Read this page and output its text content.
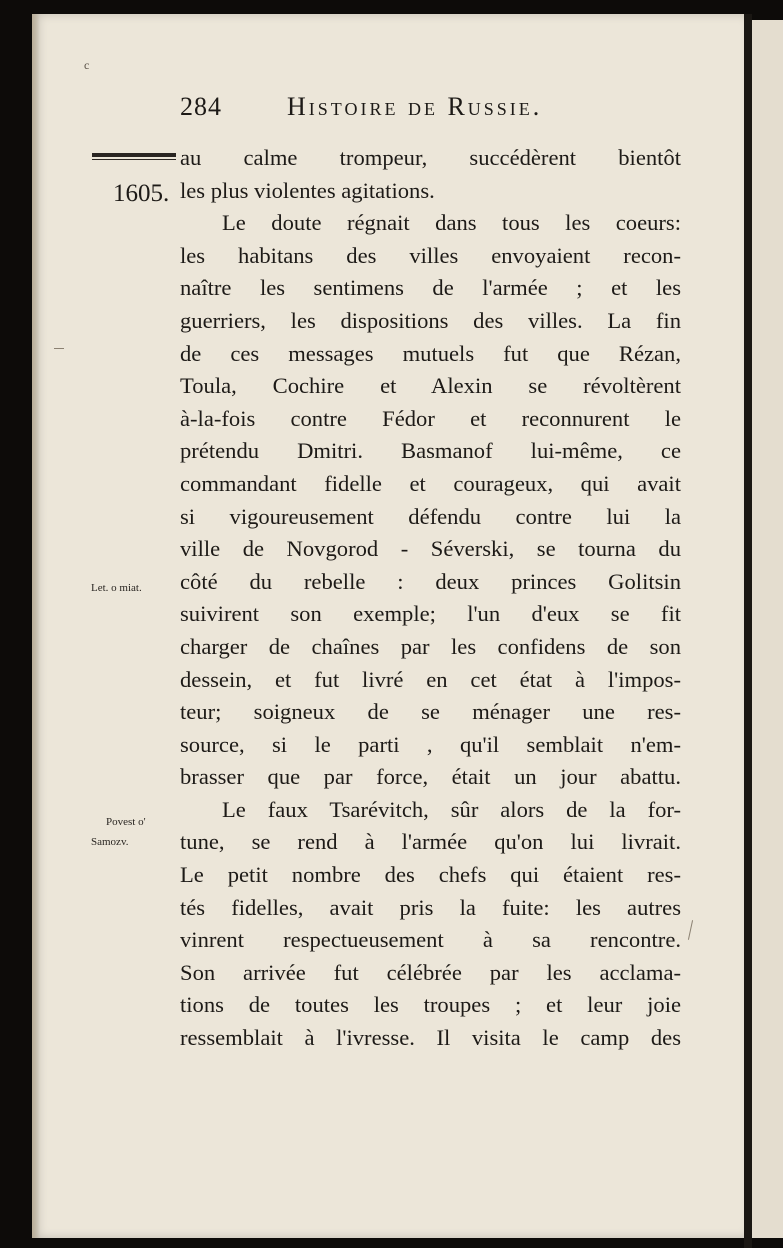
c
284	Histoire de Russie.
1605.
Let. o miat.
Povest o'
Samozv.
au calme trompeur, succédèrent bientôt
les plus violentes agitations.
Le doute régnait dans tous les coeurs:
les habitans des villes envoyaient recon-
naître les sentimens de l'armée ; et les
guerriers, les dispositions des villes. La fin
de ces messages mutuels fut que Rézan,
Toula, Cochire et Alexin se révoltèrent
à-la-fois contre Fédor et reconnurent le
prétendu Dmitri. Basmanof lui-même, ce
commandant fidelle et courageux, qui avait
si vigoureusement défendu contre lui la
ville de Novgorod - Séverski, se tourna du
côté du rebelle : deux princes Golitsin
suivirent son exemple; l'un d'eux se fit
charger de chaînes par les confidens de son
dessein, et fut livré en cet état à l'impos-
teur; soigneux de se ménager une res-
source, si le parti , qu'il semblait n'em-
brasser que par force, était un jour abattu.
Le faux Tsarévitch, sûr alors de la for-
tune, se rend à l'armée qu'on lui livrait.
Le petit nombre des chefs qui étaient res-
tés fidelles, avait pris la fuite: les autres
vinrent respectueusement à sa rencontre.
Son arrivée fut célébrée par les acclama-
tions de toutes les troupes ; et leur joie
ressemblait à l'ivresse. Il visita le camp des
